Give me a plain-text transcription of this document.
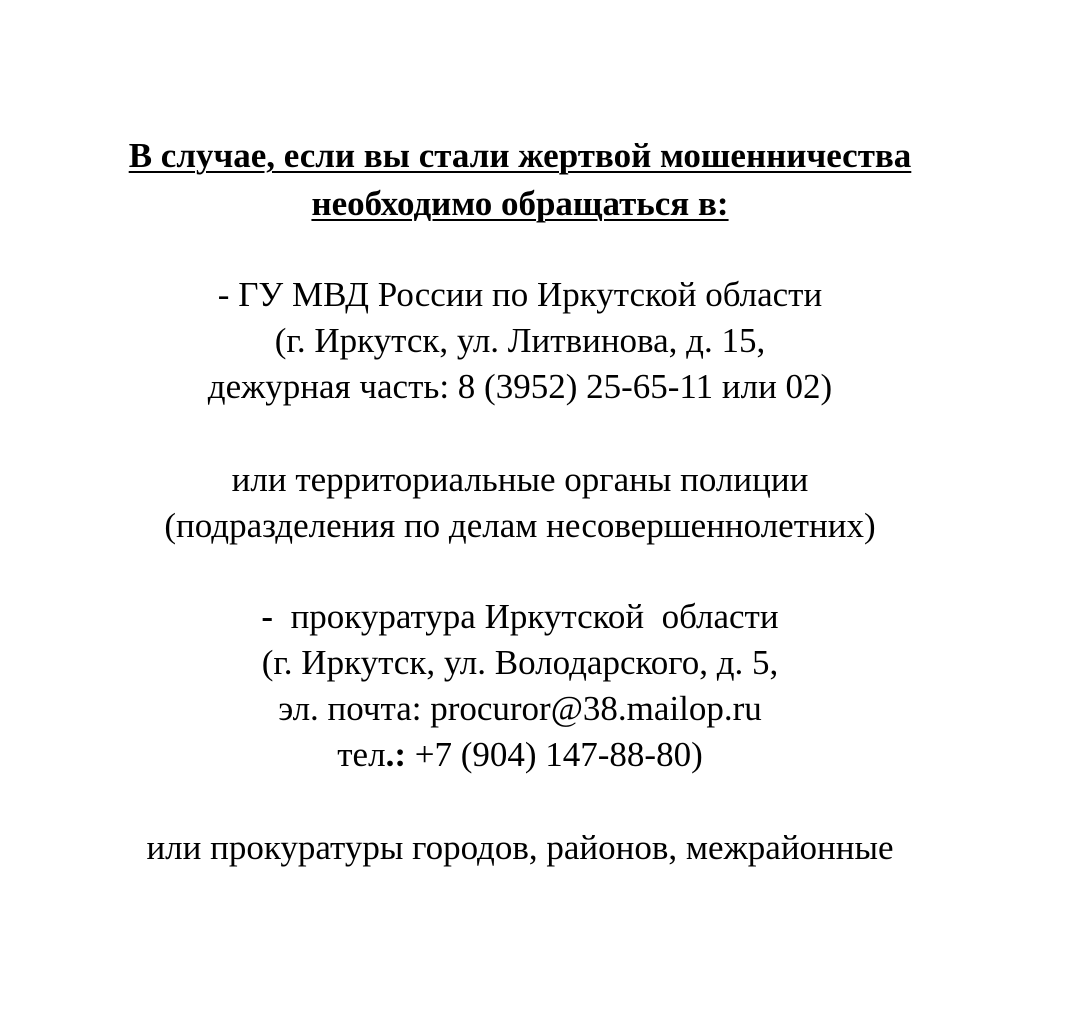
В случае, если вы стали жертвой мошенничества
необходимо обращаться в:
- ГУ МВД России по Иркутской области
(г. Иркутск, ул. Литвинова, д. 15,
дежурная часть: 8 (3952) 25-65-11 или 02)
или территориальные органы полиции
(подразделения по делам несовершеннолетних)
- прокуратура Иркутской  области
(г. Иркутск, ул. Володарского, д. 5,
эл. почта: procuror@38.mailop.ru
тел.: +7 (904) 147-88-80)
или прокуратуры городов, районов, межрайонные
